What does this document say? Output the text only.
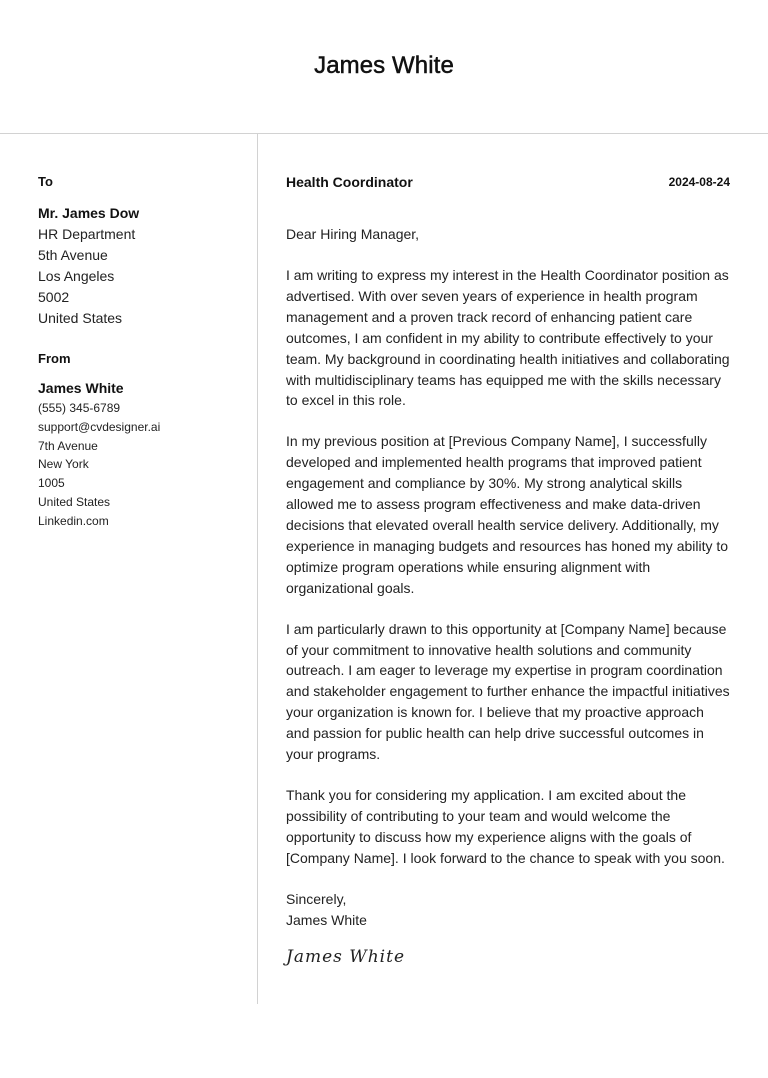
James White
To
Mr. James Dow
HR Department
5th Avenue
Los Angeles
5002
United States
From
James White
(555) 345-6789
support@cvdesigner.ai
7th Avenue
New York
1005
United States
Linkedin.com
Health Coordinator	2024-08-24
Dear Hiring Manager,
I am writing to express my interest in the Health Coordinator position as advertised. With over seven years of experience in health program management and a proven track record of enhancing patient care outcomes, I am confident in my ability to contribute effectively to your team. My background in coordinating health initiatives and collaborating with multidisciplinary teams has equipped me with the skills necessary to excel in this role.
In my previous position at [Previous Company Name], I successfully developed and implemented health programs that improved patient engagement and compliance by 30%. My strong analytical skills allowed me to assess program effectiveness and make data-driven decisions that elevated overall health service delivery. Additionally, my experience in managing budgets and resources has honed my ability to optimize program operations while ensuring alignment with organizational goals.
I am particularly drawn to this opportunity at [Company Name] because of your commitment to innovative health solutions and community outreach. I am eager to leverage my expertise in program coordination and stakeholder engagement to further enhance the impactful initiatives your organization is known for. I believe that my proactive approach and passion for public health can help drive successful outcomes in your programs.
Thank you for considering my application. I am excited about the possibility of contributing to your team and would welcome the opportunity to discuss how my experience aligns with the goals of [Company Name]. I look forward to the chance to speak with you soon.
Sincerely,
James White
James White
